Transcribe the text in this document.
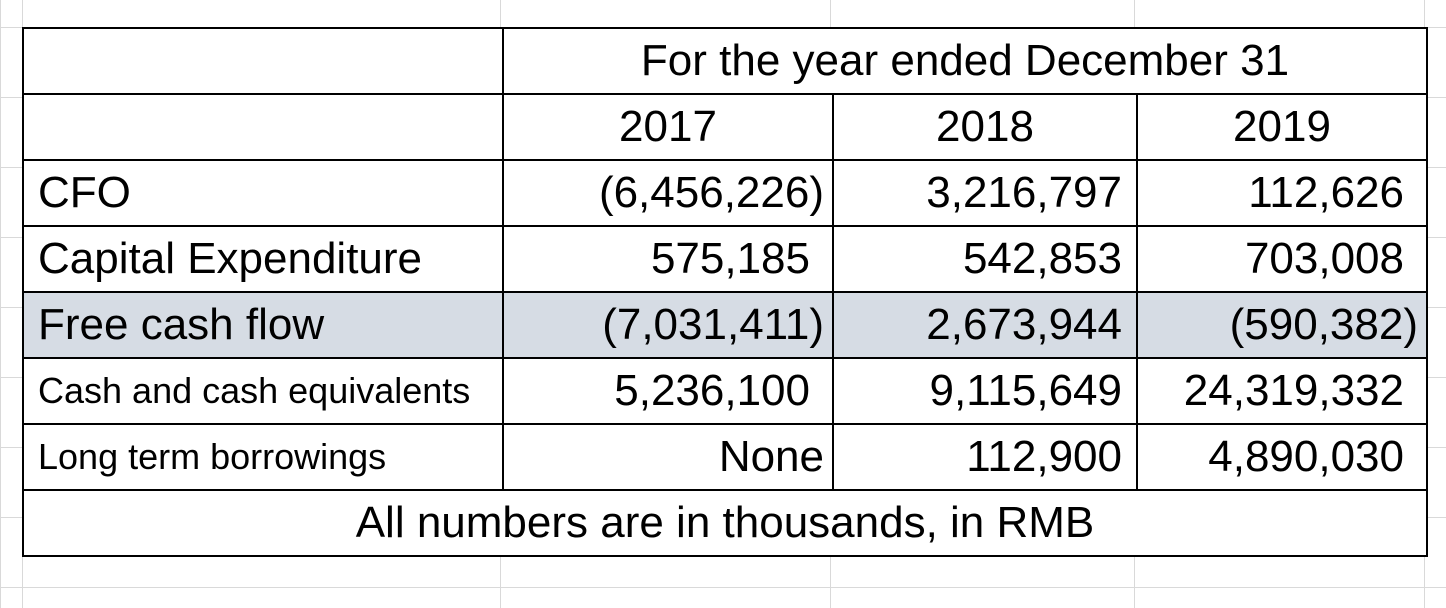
	For the year ended December 31		
	2017	2018	2019
CFO	(6,456,226)	3,216,797	112,626
Capital Expenditure	575,185	542,853	703,008
Free cash flow	(7,031,411)	2,673,944	(590,382)
Cash and cash equivalents	5,236,100	9,115,649	24,319,332
Long term borrowings	None	112,900	4,890,030
All numbers are in thousands, in RMB			
